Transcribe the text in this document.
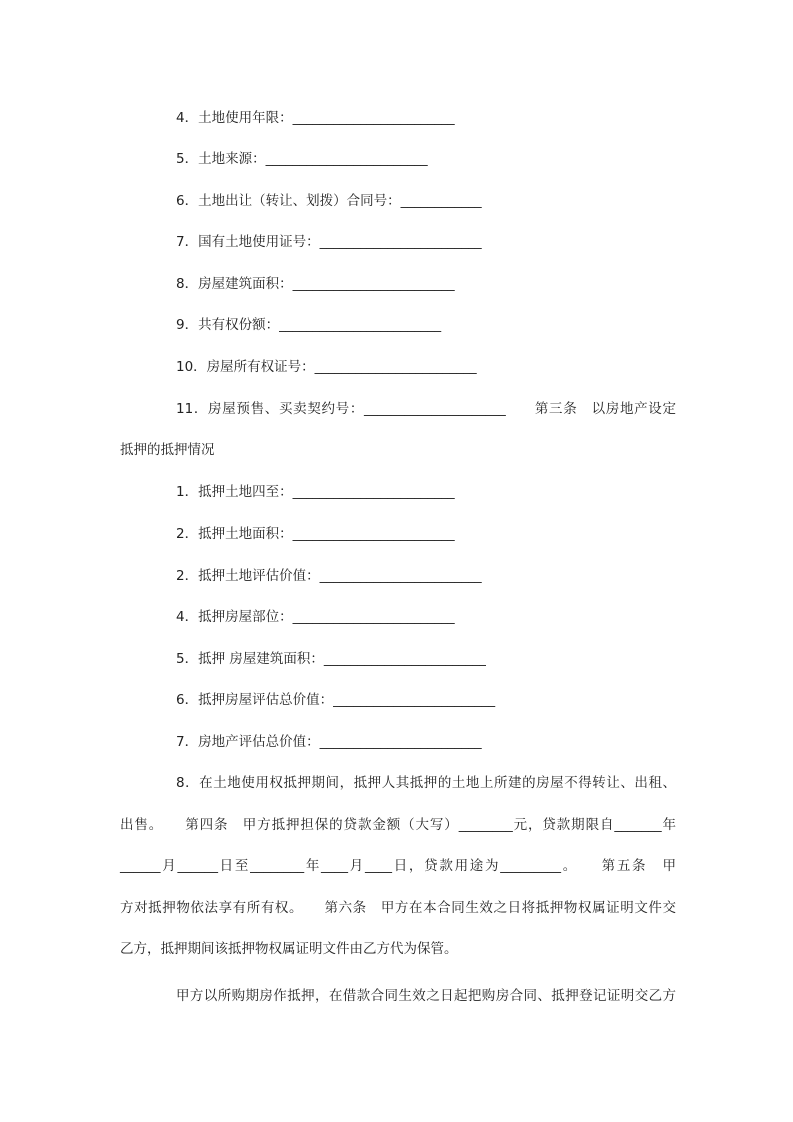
4．土地使用年限：________________________
5．土地来源：________________________
6．土地出让（转让、划拨）合同号：____________
7．国有土地使用证号：________________________
8．房屋建筑面积：________________________
9．共有权份额：________________________
10．房屋所有权证号：________________________
11．房屋预售、买卖契约号：_____________________　　第三条　以房地产设定
抵押的抵押情况
1．抵押土地四至：________________________
2．抵押土地面积：________________________
2．抵押土地评估价值：________________________
4．抵押房屋部位：________________________
5．抵押 房屋建筑面积：________________________
6．抵押房屋评估总价值：________________________
7．房地产评估总价值：________________________
8．在土地使用权抵押期间，抵押人其抵押的土地上所建的房屋不得转让、出租、
出售。　　第四条　甲方抵押担保的贷款金额（大写）________元，贷款期限自_______年
______月______日至________年____月____日，贷款用途为_________。　　第五条　甲
方对抵押物依法享有所有权。　　第六条　甲方在本合同生效之日将抵押物权属证明文件交
乙方，抵押期间该抵押物权属证明文件由乙方代为保管。
甲方以所购期房作抵押，在借款合同生效之日起把购房合同、抵押登记证明交乙方
